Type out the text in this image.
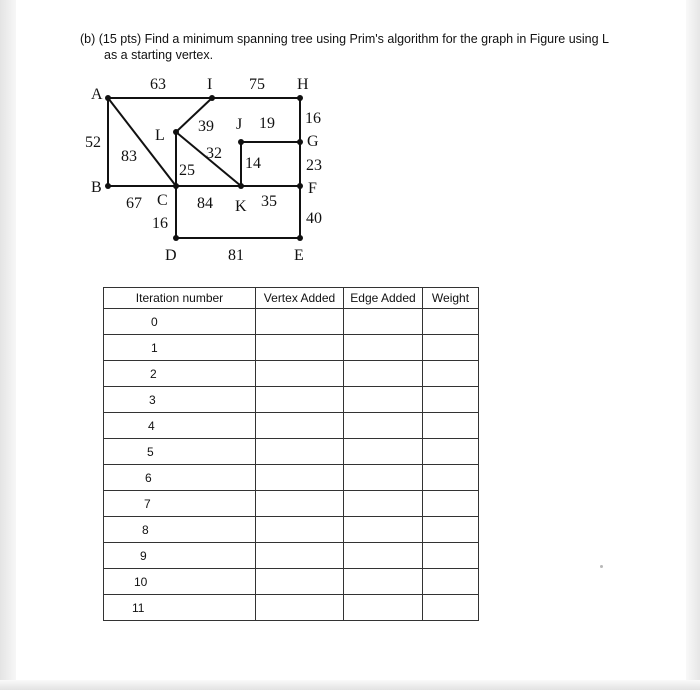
(b) (15 pts) Find a minimum spanning tree using Prim's algorithm for the graph in Figure using L
as a starting vertex.
A
I	H
L
J
G
B
C	K
F
D	E
63	75
52
83
39	19 16
32
25	14	23
67	84	35
16	40
81
Iteration number	Vertex Added	Edge Added	Weight
0			
1			
2			
3			
4			
5			
6			
7			
8			
9			
10			
11			
